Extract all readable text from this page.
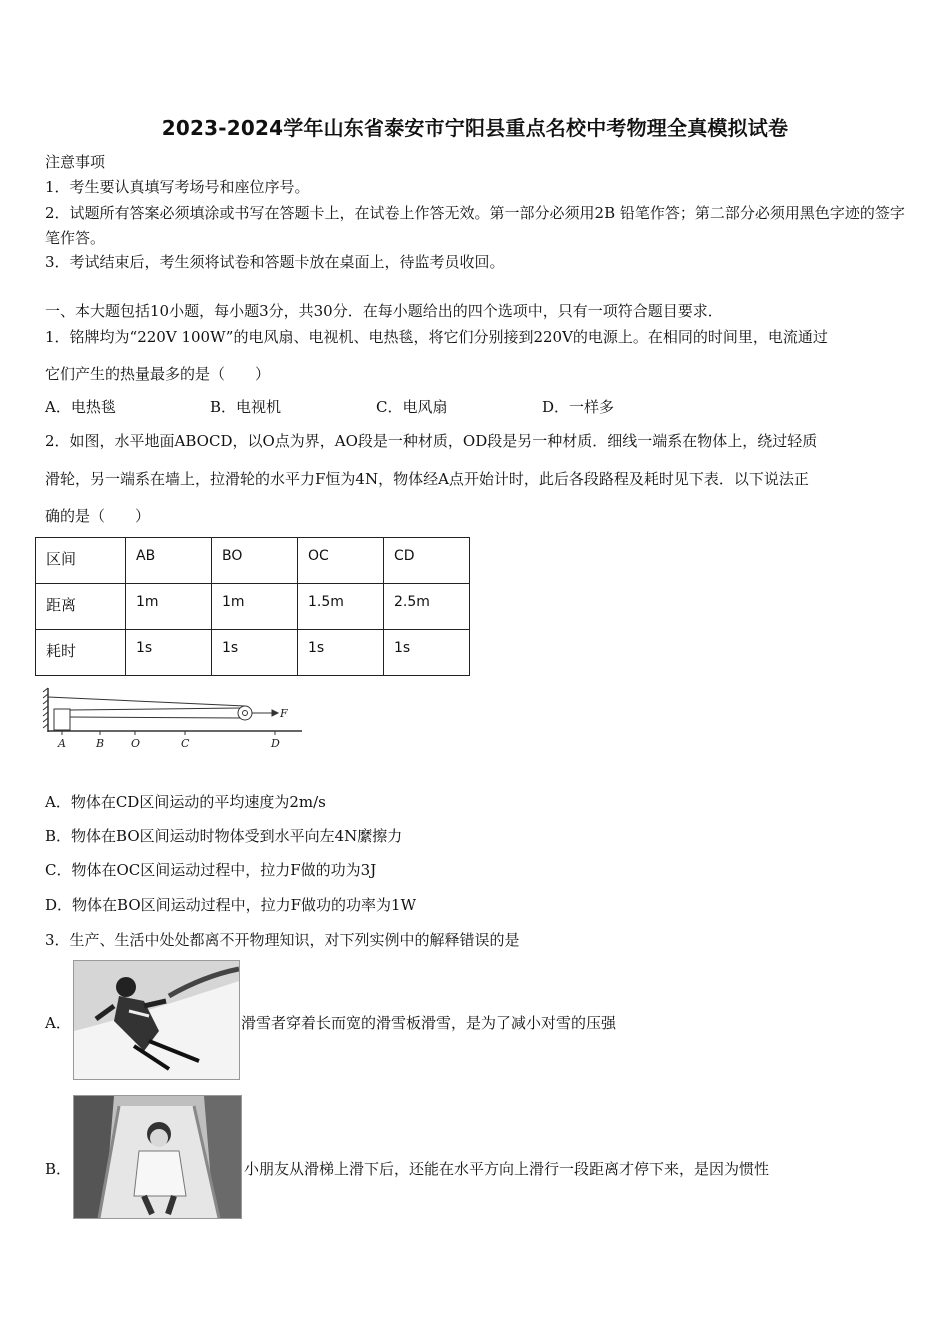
2023-2024学年山东省泰安市宁阳县重点名校中考物理全真模拟试卷
注意事项
1．考生要认真填写考场号和座位序号。
2．试题所有答案必须填涂或书写在答题卡上，在试卷上作答无效。第一部分必须用2B 铅笔作答；第二部分必须用黑色字迹的签字笔作答。
3．考试结束后，考生须将试卷和答题卡放在桌面上，待监考员收回。
一、本大题包括10小题，每小题3分，共30分．在每小题给出的四个选项中，只有一项符合题目要求．
1．铭牌均为“220V 100W”的电风扇、电视机、电热毯，将它们分别接到220V的电源上。在相同的时间里，电流通过
它们产生的热量最多的是（　　）
A．电热毯	B．电视机	C．电风扇	D．一样多
2．如图，水平地面ABOCD，以O点为界，AO段是一种材质，OD段是另一种材质．细线一端系在物体上，绕过轻质
滑轮，另一端系在墙上，拉滑轮的水平力F恒为4N，物体经A点开始计时，此后各段路程及耗时见下表．以下说法正
确的是（　　）
区间	AB	BO	OC	CD
距离	1m	1m	1.5m	2.5m
耗时	1s	1s	1s	1s
A	B O	C	D
F
A．物体在CD区间运动的平均速度为2m/s
B．物体在BO区间运动时物体受到水平向左4N縻擦力
C．物体在OC区间运动过程中，拉力F做的功为3J
D．物体在BO区间运动过程中，拉力F做功的功率为1W
3．生产、生活中处处都离不开物理知识，对下列实例中的解释错误的是
A．	滑雪者穿着长而宽的滑雪板滑雪，是为了减小对雪的压强
B．	小朋友从滑梯上滑下后，还能在水平方向上滑行一段距离才停下来，是因为惯性
